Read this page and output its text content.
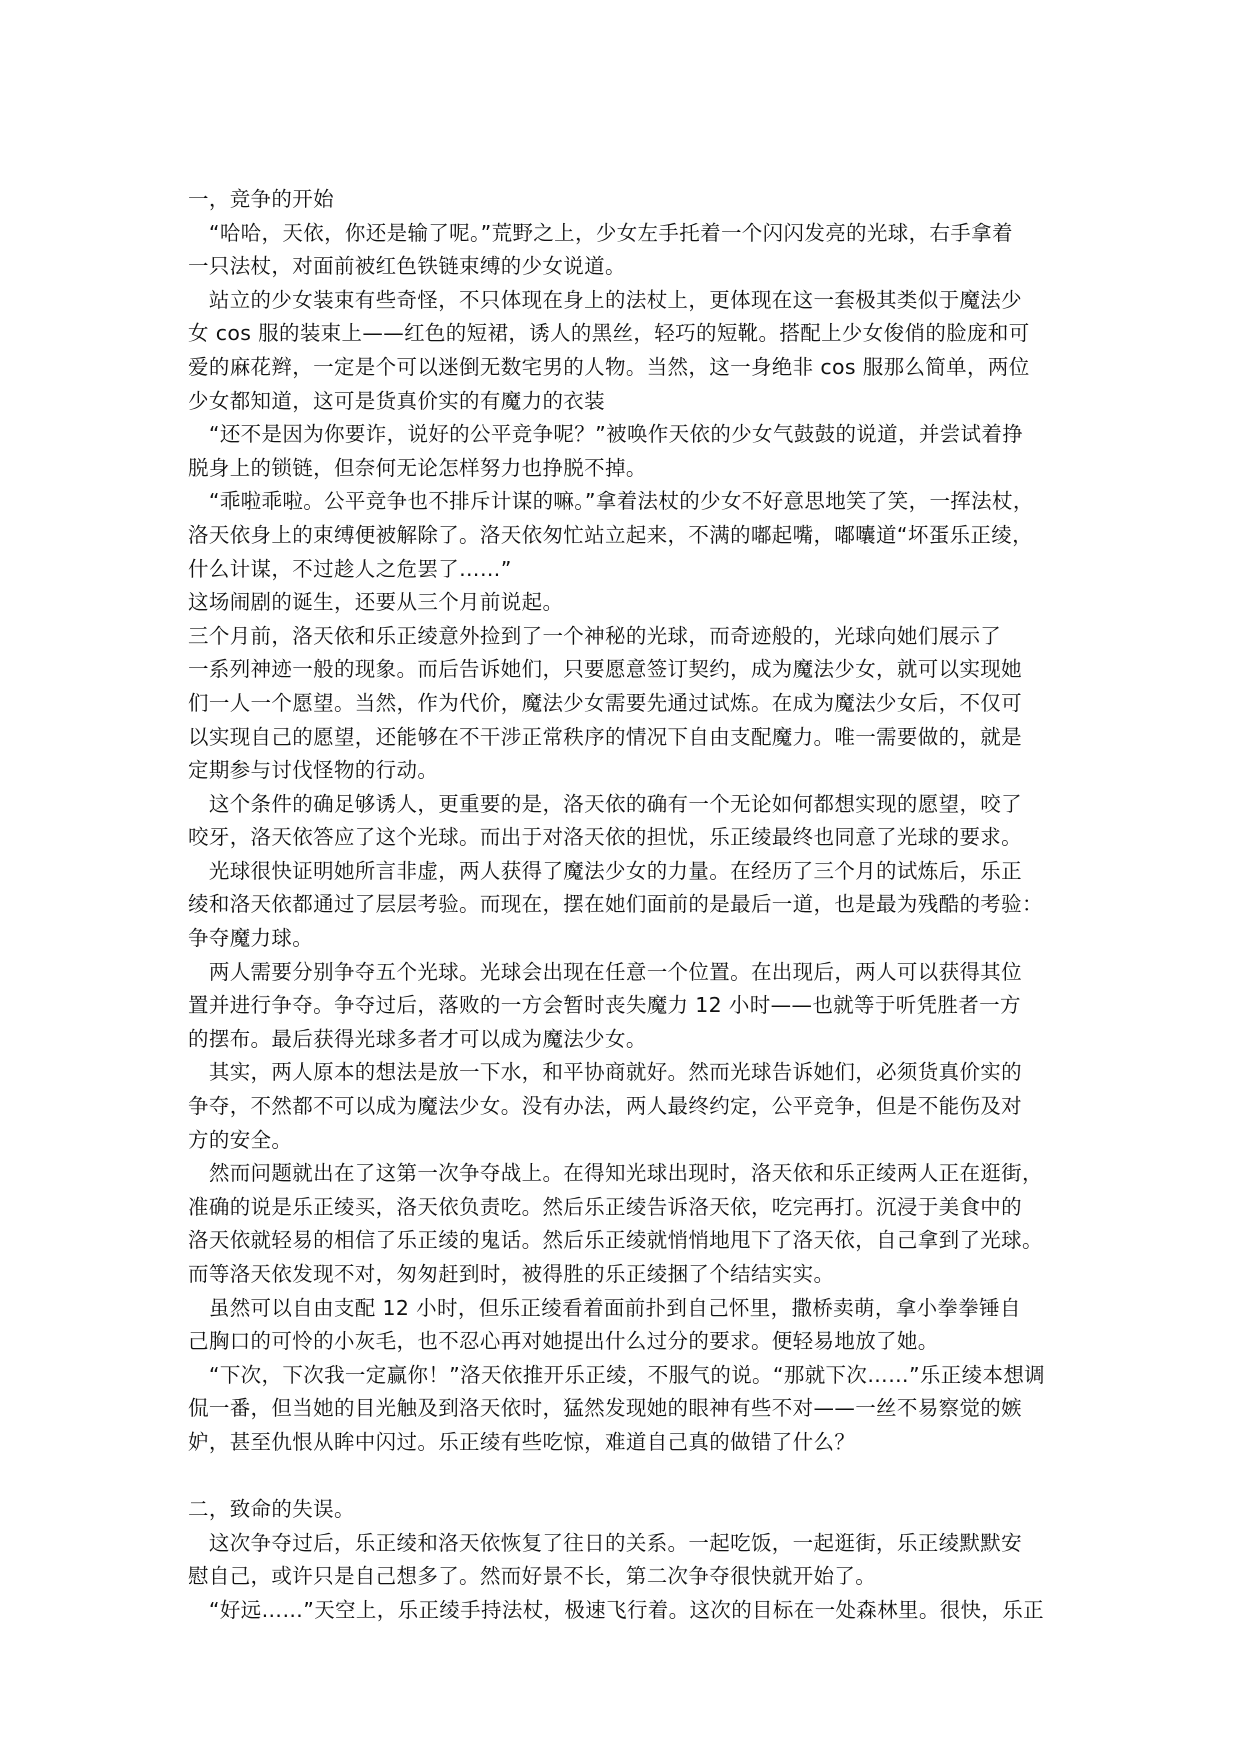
一，竞争的开始
　“哈哈，天依，你还是输了呢。”荒野之上，少女左手托着一个闪闪发亮的光球，右手拿着
一只法杖，对面前被红色铁链束缚的少女说道。
　站立的少女装束有些奇怪，不只体现在身上的法杖上，更体现在这一套极其类似于魔法少
女 cos 服的装束上——红色的短裙，诱人的黑丝，轻巧的短靴。搭配上少女俊俏的脸庞和可
爱的麻花辫，一定是个可以迷倒无数宅男的人物。当然，这一身绝非 cos 服那么简单，两位
少女都知道，这可是货真价实的有魔力的衣装
　“还不是因为你要诈，说好的公平竞争呢？”被唤作天依的少女气鼓鼓的说道，并尝试着挣
脱身上的锁链，但奈何无论怎样努力也挣脱不掉。
　“乖啦乖啦。公平竞争也不排斥计谋的嘛。”拿着法杖的少女不好意思地笑了笑，一挥法杖，
洛天依身上的束缚便被解除了。洛天依匆忙站立起来，不满的嘟起嘴，嘟囔道“坏蛋乐正绫，
什么计谋，不过趁人之危罢了……”
这场闹剧的诞生，还要从三个月前说起。
三个月前，洛天依和乐正绫意外捡到了一个神秘的光球，而奇迹般的，光球向她们展示了
一系列神迹一般的现象。而后告诉她们，只要愿意签订契约，成为魔法少女，就可以实现她
们一人一个愿望。当然，作为代价，魔法少女需要先通过试炼。在成为魔法少女后，不仅可
以实现自己的愿望，还能够在不干涉正常秩序的情况下自由支配魔力。唯一需要做的，就是
定期参与讨伐怪物的行动。
　这个条件的确足够诱人，更重要的是，洛天依的确有一个无论如何都想实现的愿望，咬了
咬牙，洛天依答应了这个光球。而出于对洛天依的担忧，乐正绫最终也同意了光球的要求。
　光球很快证明她所言非虚，两人获得了魔法少女的力量。在经历了三个月的试炼后，乐正
绫和洛天依都通过了层层考验。而现在，摆在她们面前的是最后一道，也是最为残酷的考验：
争夺魔力球。
　两人需要分别争夺五个光球。光球会出现在任意一个位置。在出现后，两人可以获得其位
置并进行争夺。争夺过后，落败的一方会暂时丧失魔力 12 小时——也就等于听凭胜者一方
的摆布。最后获得光球多者才可以成为魔法少女。
　其实，两人原本的想法是放一下水，和平协商就好。然而光球告诉她们，必须货真价实的
争夺，不然都不可以成为魔法少女。没有办法，两人最终约定，公平竞争，但是不能伤及对
方的安全。
　然而问题就出在了这第一次争夺战上。在得知光球出现时，洛天依和乐正绫两人正在逛街，
准确的说是乐正绫买，洛天依负责吃。然后乐正绫告诉洛天依，吃完再打。沉浸于美食中的
洛天依就轻易的相信了乐正绫的鬼话。然后乐正绫就悄悄地甩下了洛天依，自己拿到了光球。
而等洛天依发现不对，匆匆赶到时，被得胜的乐正绫捆了个结结实实。
　虽然可以自由支配 12 小时，但乐正绫看着面前扑到自己怀里，撒桥卖萌，拿小拳拳锤自
己胸口的可怜的小灰毛，也不忍心再对她提出什么过分的要求。便轻易地放了她。
　“下次，下次我一定赢你！”洛天依推开乐正绫，不服气的说。“那就下次……”乐正绫本想调
侃一番，但当她的目光触及到洛天依时，猛然发现她的眼神有些不对——一丝不易察觉的嫉
妒，甚至仇恨从眸中闪过。乐正绫有些吃惊，难道自己真的做错了什么？
二，致命的失误。
　这次争夺过后，乐正绫和洛天依恢复了往日的关系。一起吃饭，一起逛街，乐正绫默默安
慰自己，或许只是自己想多了。然而好景不长，第二次争夺很快就开始了。
　“好远……”天空上，乐正绫手持法杖，极速飞行着。这次的目标在一处森林里。很快，乐正
